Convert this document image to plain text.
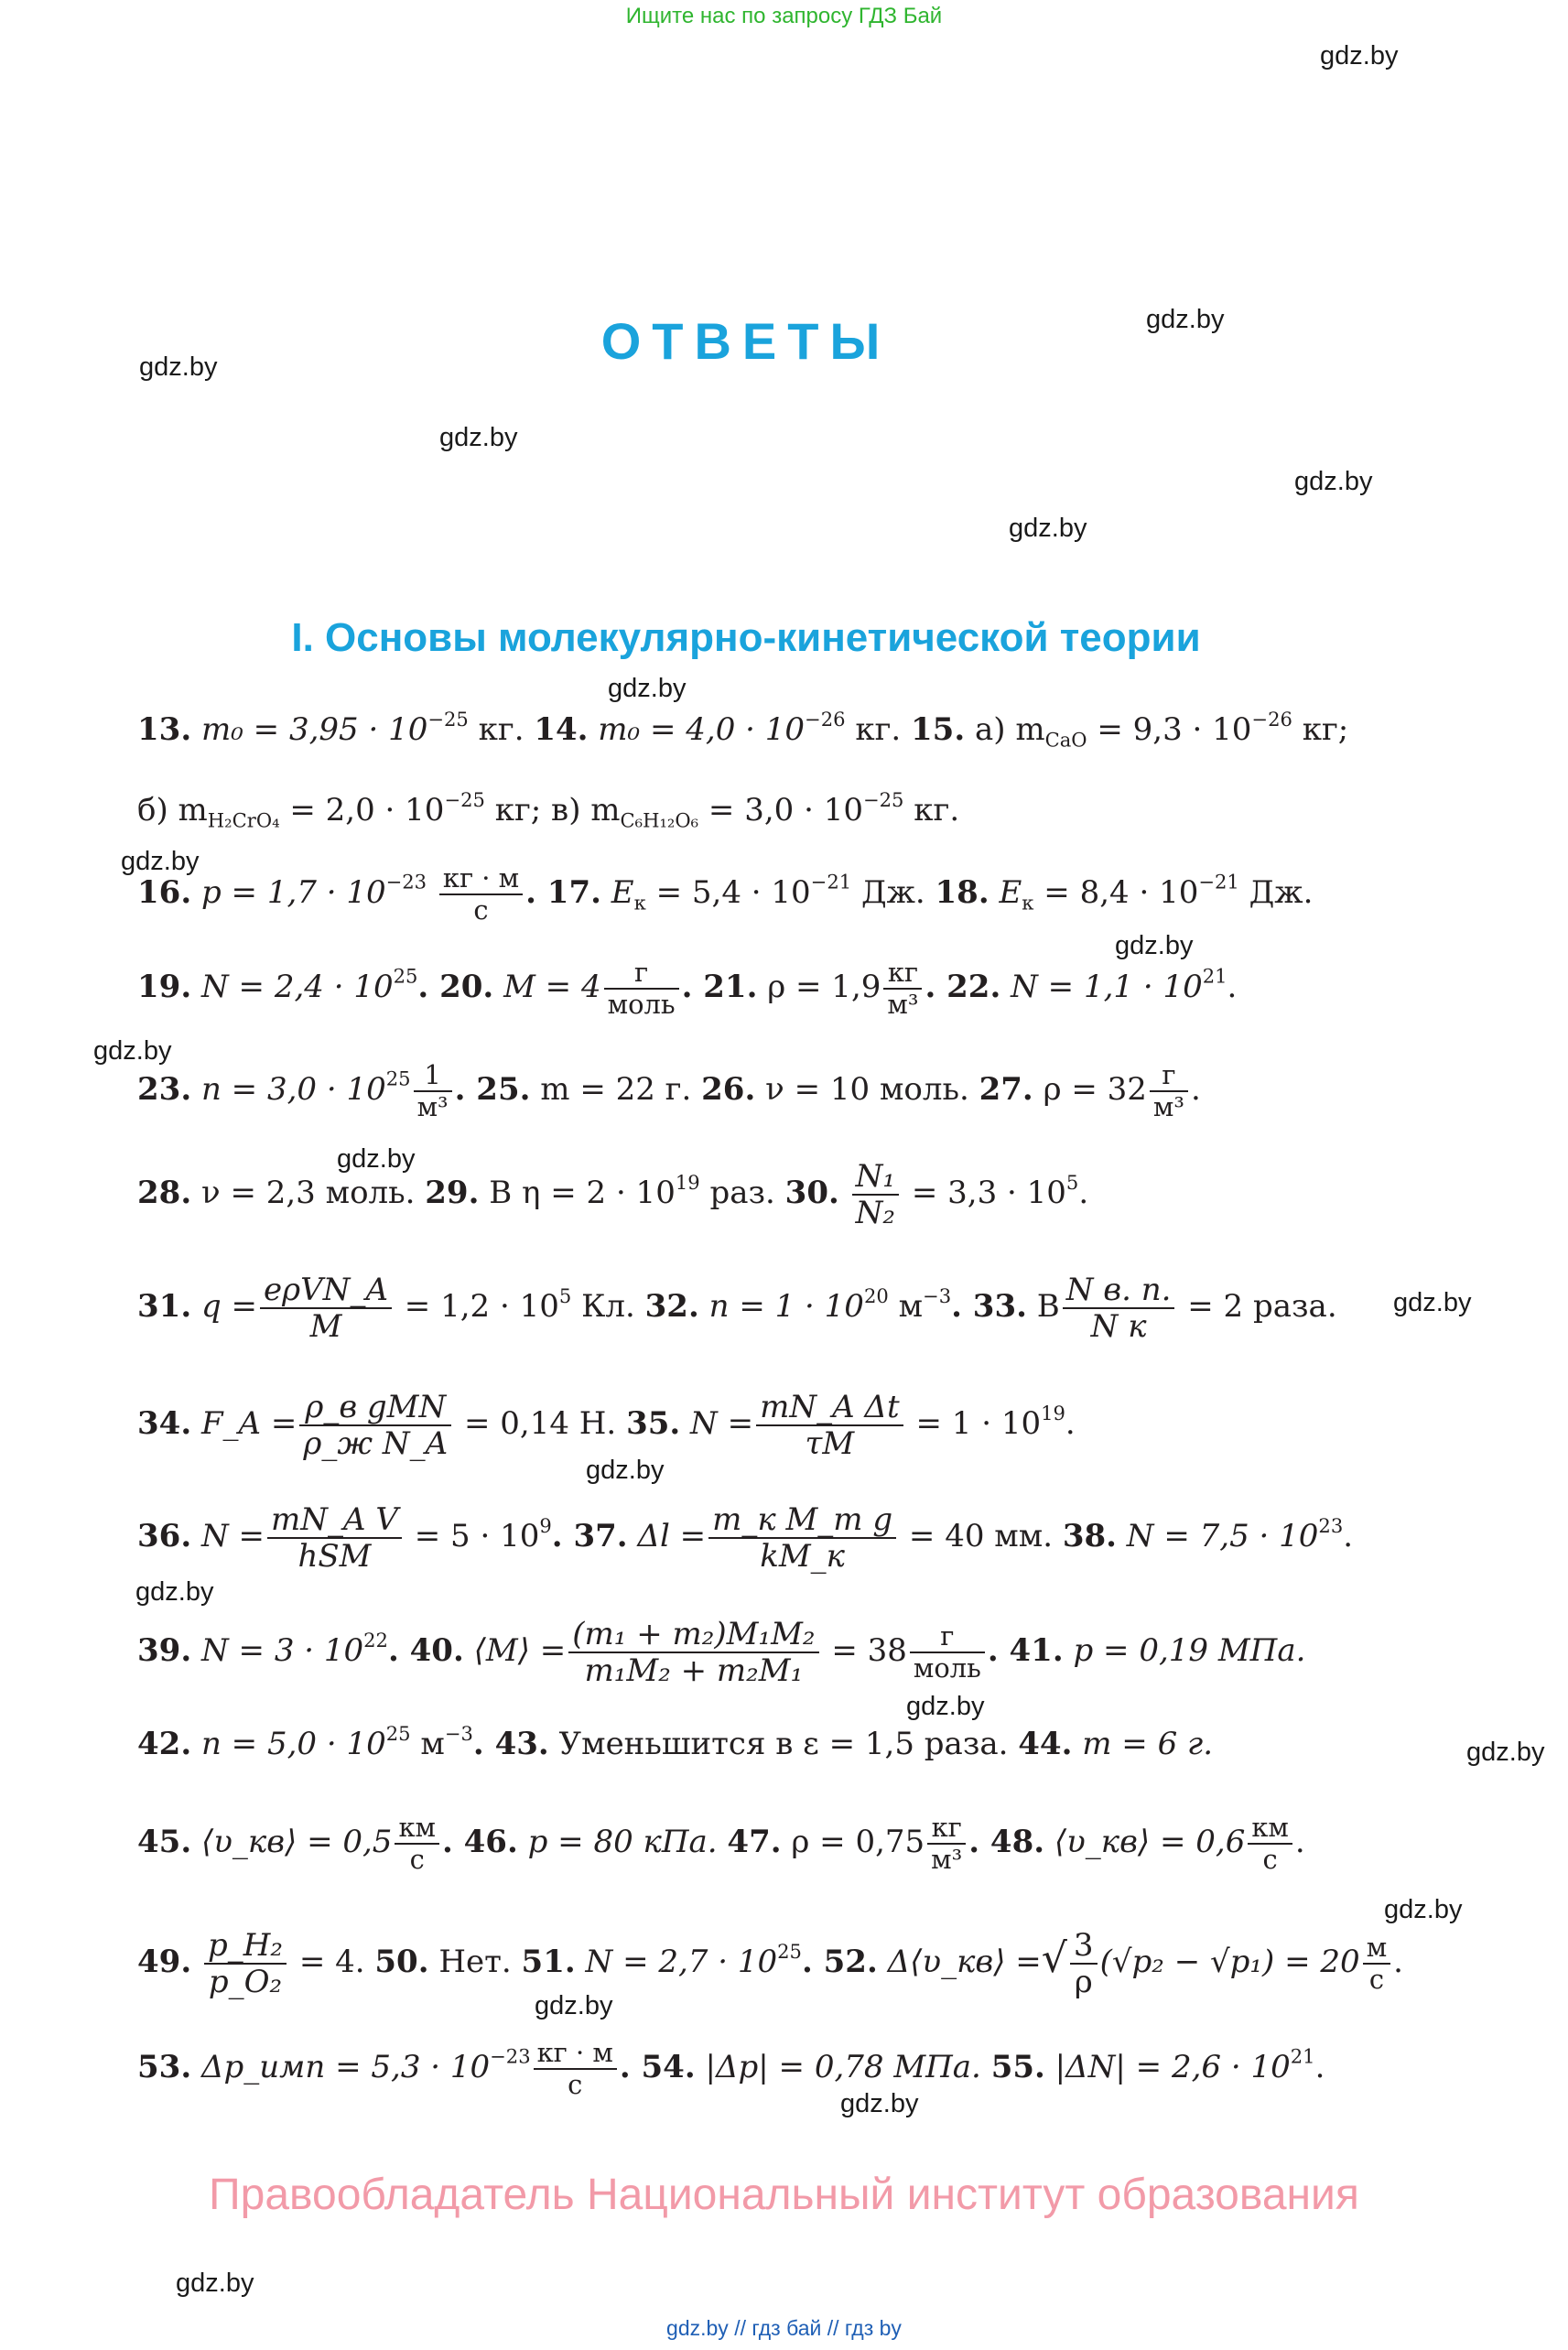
Ищите нас по запросу ГДЗ Бай
gdz.by
gdz.by
gdz.by
gdz.by
gdz.by
gdz.by
gdz.by
gdz.by
gdz.by
gdz.by
gdz.by
gdz.by
gdz.by
gdz.by
gdz.by
gdz.by
gdz.by
gdz.by
gdz.by
gdz.by
ОТВЕТЫ
I. Основы молекулярно-кинетической теории
13. $m_0 = 3,95 \cdot 10^{-25}$ кг. 14. $m_0 = 4,0 \cdot 10^{-26}$ кг. 15. а) $m_{CaO} = 9,3 \cdot 10^{-26}$ кг;
б) $m_{H_2CrO_4} = 2,0 \cdot 10^{-25}$ кг; в) $m_{C_6H_{12}O_6} = 3,0 \cdot 10^{-25}$ кг.
16. $p = 1,7 \cdot 10^{-23} \frac{кг \cdot м}{с}$ . 17. $E_к = 5,4 \cdot 10^{-21}$ Дж. 18. $E_к = 8,4 \cdot 10^{-21}$ Дж.
19. $N = 2,4 \cdot 10^{25}$. 20. $M = 4 \frac{г}{\text{моль}}$ . 21. $\rho = 1,9 \frac{кг}{\text{м³}}$ . 22. $N = 1,1 \cdot 10^{21}$.
23. $n = 3,0 \cdot 10^{25} \frac{1}{\text{м³}}$ . 25. m = 22 г. 26. ν = 10 моль. 27. $\rho = 32 \frac{г}{\text{м³}}$ .
28. ν = 2,3 моль. 29. В $\eta = 2 \cdot 10^{19}$ раз. 30. $\frac{\text{N₁}}{\text{N₂}} = 3,3 \cdot 10^5$.
31. $q = \frac{\text{eρVN\_A}}{M} = 1,2 \cdot 10^5$ Кл. 32. $n = 1 \cdot 10^{20}$ $м^{-3}$. 33. В $\frac{\text{N в. п.}}{\text{N к}} = 2$ раза.
34. F_A = $\frac{\text{ρ\_в gMN}}{\text{ρ\_ж N\_A}} = 0,14$ Н. 35. $N = \frac{\text{mN\_A Δt}}{\tau M} = 1 \cdot 10^{19}$.
36. $N = \frac{\text{mN\_A V}}{\text{hSM}} = 5 \cdot 10^9$. 37. $\Delta l = \frac{\text{m\_к M\_т g}}{kM\_к} = 40$ мм. 38. $N = 7,5 \cdot 10^{23}$.
39. $N = 3 \cdot 10^{22}$. 40. ⟨M⟩ = $\frac{\text{(m₁ + m₂)M₁M₂}}{\text{m₁M₂ + m₂M₁}} = 38 \frac{г}{\text{моль}}$ . 41. p = 0,19 МПа.
42. $n = 5,0 \cdot 10^{25}$ $м^{-3}$. 43. Уменьшится в ε = 1,5 раза. 44. m = 6 г.
45. ⟨υ_кв⟩ = $0,5 \frac{км}{с}$ . 46. p = 80 кПа. 47. $\rho = 0,75 \frac{кг}{\text{м³}}$ . 48. ⟨υ_кв⟩ = $0,6 \frac{км}{с}$ .
49. $\frac{\text{p\_H₂}}{\text{p\_O₂}} = 4$. 50. Нет. 51. $N = 2,7 \cdot 10^{25}$. 52. Δ⟨υ_кв⟩ =√ $\frac{3}{\rho} (√p_2 - √p_1) = 20 \frac{м}{с}$ .
53. Δp_имп = $5,3 \cdot 10^{-23} \frac{кг \cdot м}{с}$ . 54. |Δp| = 0,78 МПа. 55. $|\Delta N| = 2,6 \cdot 10^{21}$.
Правообладатель Национальный институт образования
gdz.by // гдз бай // гдз by
